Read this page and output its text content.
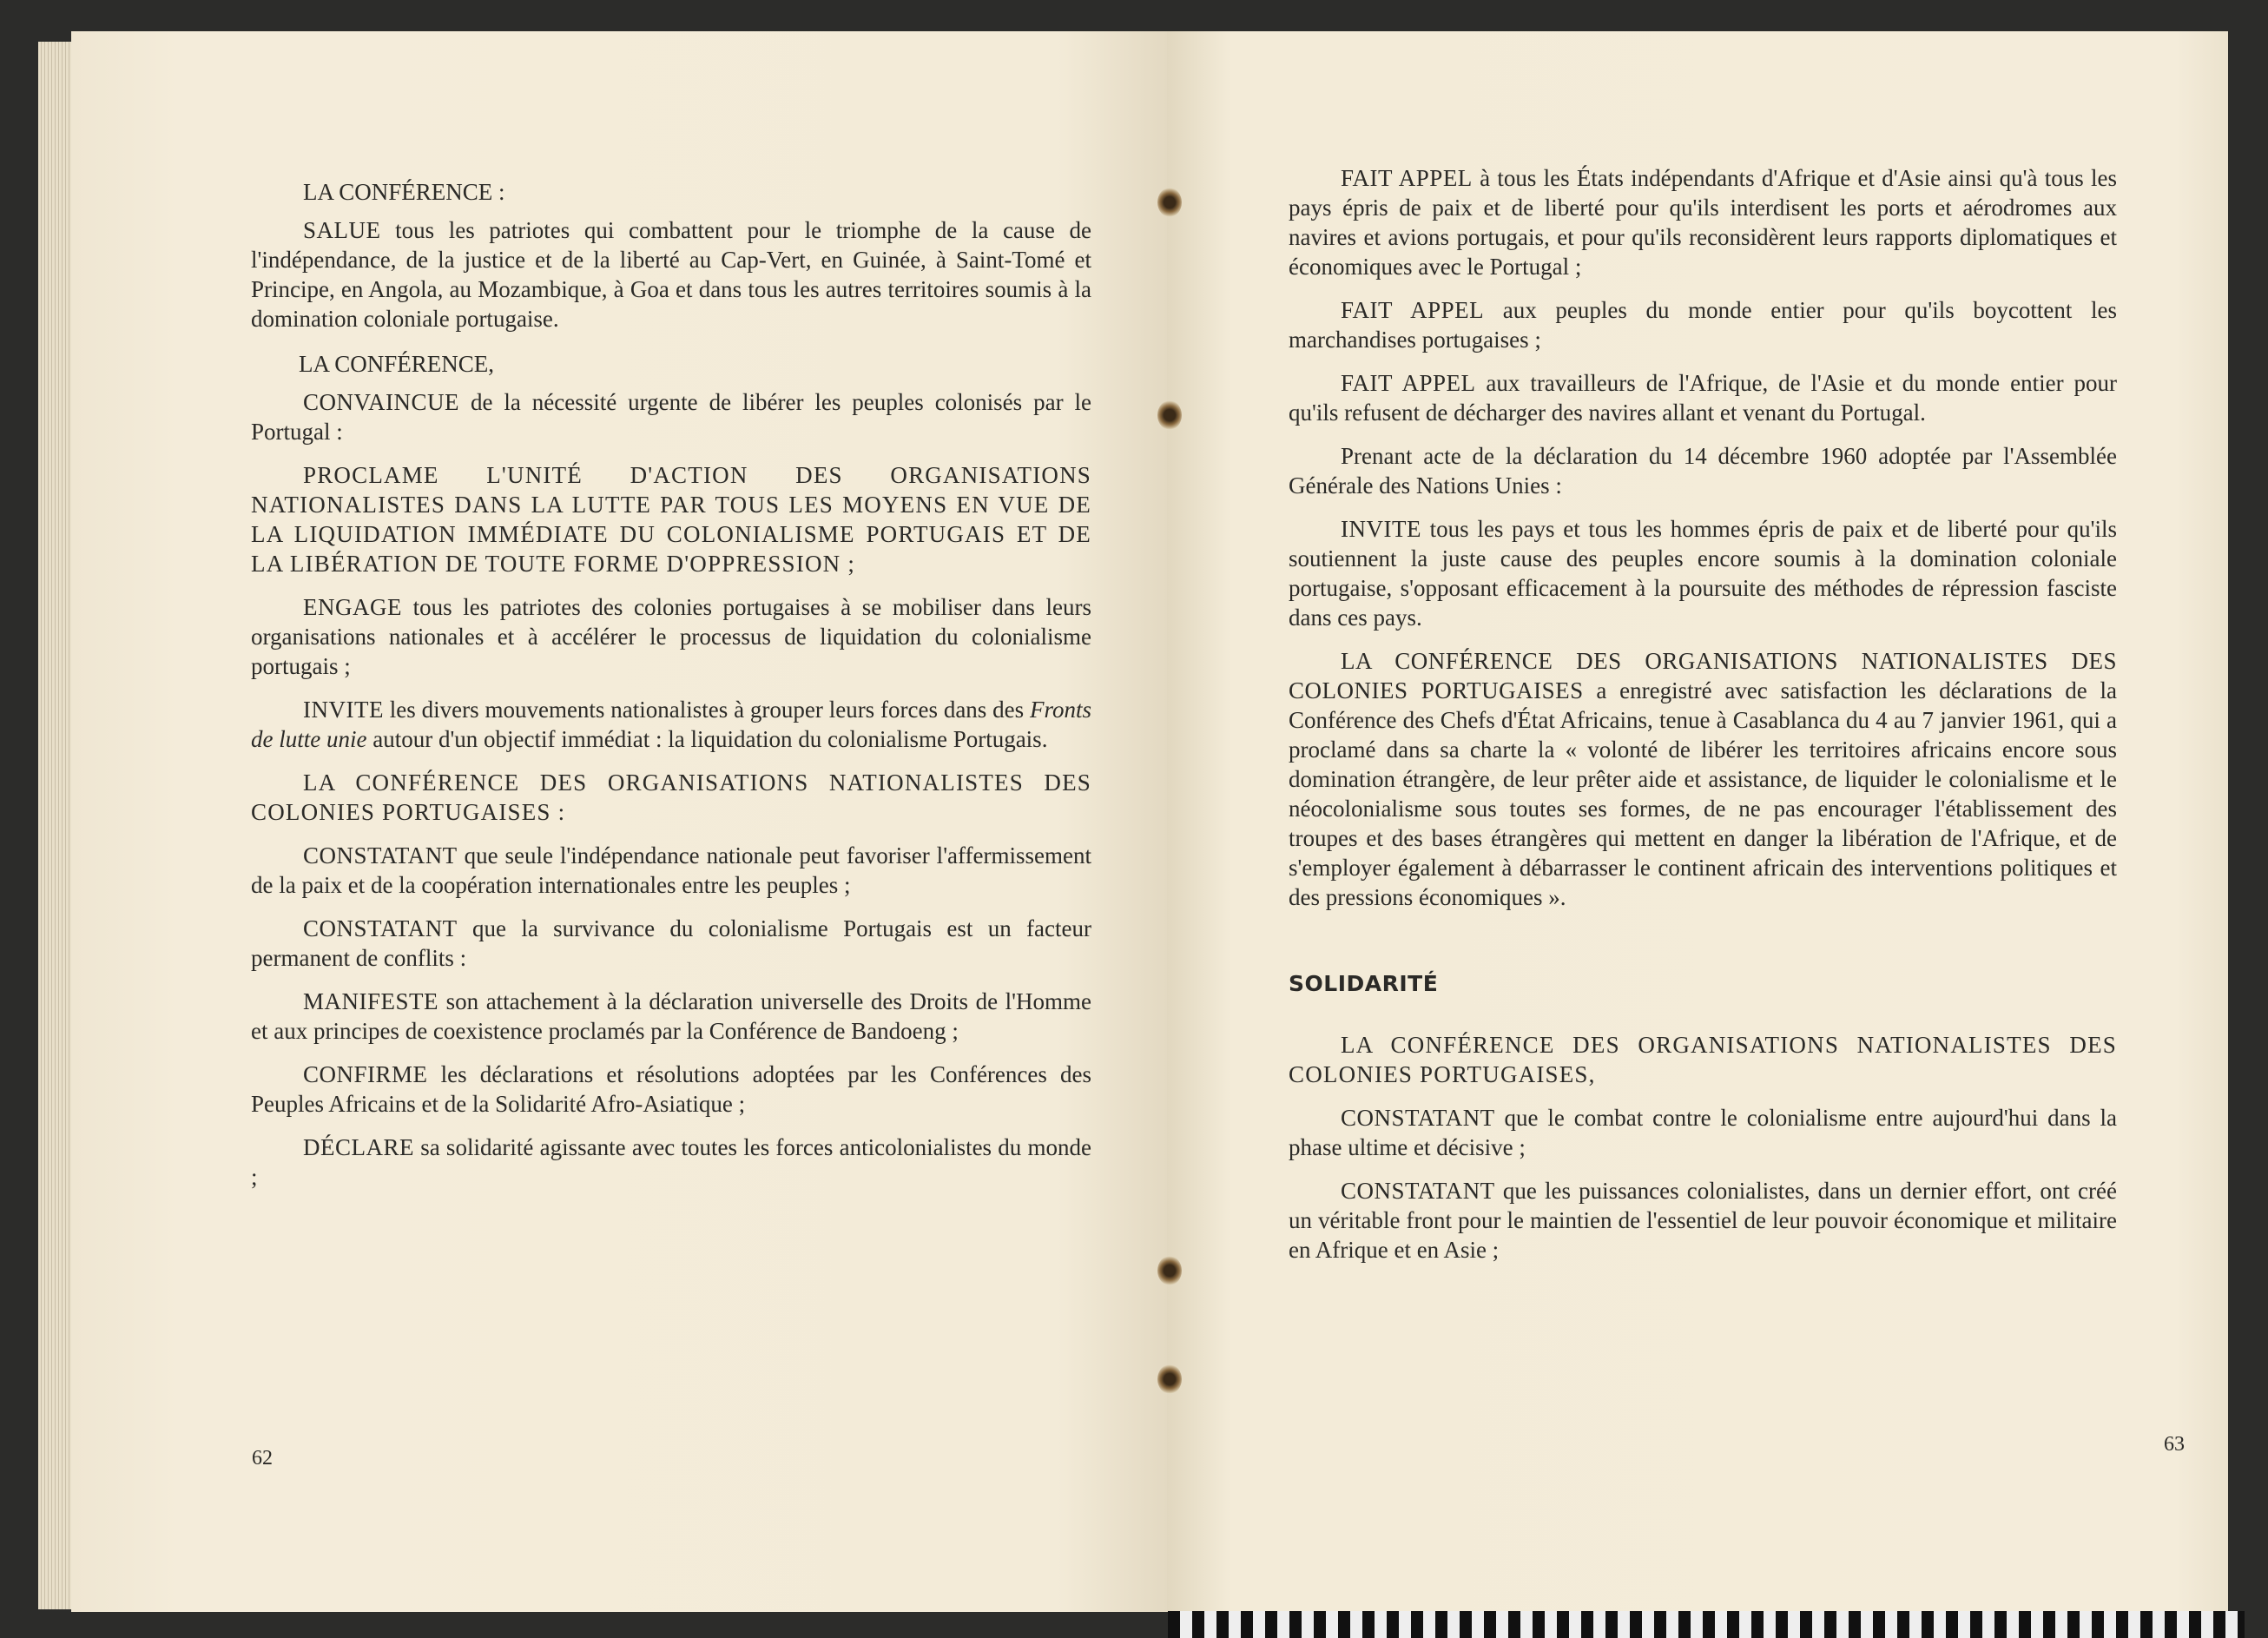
LA CONFÉRENCE :

SALUE tous les patriotes qui combattent pour le triomphe de la cause de l'indépendance, de la justice et de la liberté au Cap-Vert, en Guinée, à Saint-Tomé et Principe, en Angola, au Mozambique, à Goa et dans tous les autres territoires soumis à la domination coloniale portugaise.

LA CONFÉRENCE,

CONVAINCUE de la nécessité urgente de libérer les peuples colonisés par le Portugal :

PROCLAME L'UNITÉ D'ACTION DES ORGANISATIONS NATIONALISTES DANS LA LUTTE PAR TOUS LES MOYENS EN VUE DE LA LIQUIDATION IMMÉDIATE DU COLONIALISME PORTUGAIS ET DE LA LIBÉRATION DE TOUTE FORME D'OPPRESSION ;

ENGAGE tous les patriotes des colonies portugaises à se mobiliser dans leurs organisations nationales et à accélérer le processus de liquidation du colonialisme portugais ;

INVITE les divers mouvements nationalistes à grouper leurs forces dans des Fronts de lutte unie autour d'un objectif immédiat : la liquidation du colonialisme Portugais.

LA CONFÉRENCE DES ORGANISATIONS NATIONALISTES DES COLONIES PORTUGAISES :

CONSTATANT que seule l'indépendance nationale peut favoriser l'affermissement de la paix et de la coopération internationales entre les peuples ;

CONSTATANT que la survivance du colonialisme Portugais est un facteur permanent de conflits :

MANIFESTE son attachement à la déclaration universelle des Droits de l'Homme et aux principes de coexistence proclamés par la Conférence de Bandoeng ;

CONFIRME les déclarations et résolutions adoptées par les Conférences des Peuples Africains et de la Solidarité Afro-Asiatique ;

DÉCLARE sa solidarité agissante avec toutes les forces anticolonialistes du monde ;

62

FAIT APPEL à tous les États indépendants d'Afrique et d'Asie ainsi qu'à tous les pays épris de paix et de liberté pour qu'ils interdisent les ports et aérodromes aux navires et avions portugais, et pour qu'ils reconsidèrent leurs rapports diplomatiques et économiques avec le Portugal ;

FAIT APPEL aux peuples du monde entier pour qu'ils boycottent les marchandises portugaises ;

FAIT APPEL aux travailleurs de l'Afrique, de l'Asie et du monde entier pour qu'ils refusent de décharger des navires allant et venant du Portugal.

Prenant acte de la déclaration du 14 décembre 1960 adoptée par l'Assemblée Générale des Nations Unies :

INVITE tous les pays et tous les hommes épris de paix et de liberté pour qu'ils soutiennent la juste cause des peuples encore soumis à la domination coloniale portugaise, s'opposant efficacement à la poursuite des méthodes de répression fasciste dans ces pays.

LA CONFÉRENCE DES ORGANISATIONS NATIONALISTES DES COLONIES PORTUGAISES a enregistré avec satisfaction les déclarations de la Conférence des Chefs d'État Africains, tenue à Casablanca du 4 au 7 janvier 1961, qui a proclamé dans sa charte la « volonté de libérer les territoires africains encore sous domination étrangère, de leur prêter aide et assistance, de liquider le colonialisme et le néocolonialisme sous toutes ses formes, de ne pas encourager l'établissement des troupes et des bases étrangères qui mettent en danger la libération de l'Afrique, et de s'employer également à débarrasser le continent africain des interventions politiques et des pressions économiques ».

SOLIDARITÉ

LA CONFÉRENCE DES ORGANISATIONS NATIONALISTES DES COLONIES PORTUGAISES,

CONSTATANT que le combat contre le colonialisme entre aujourd'hui dans la phase ultime et décisive ;

CONSTATANT que les puissances colonialistes, dans un dernier effort, ont créé un véritable front pour le maintien de l'essentiel de leur pouvoir économique et militaire en Afrique et en Asie ;

63
